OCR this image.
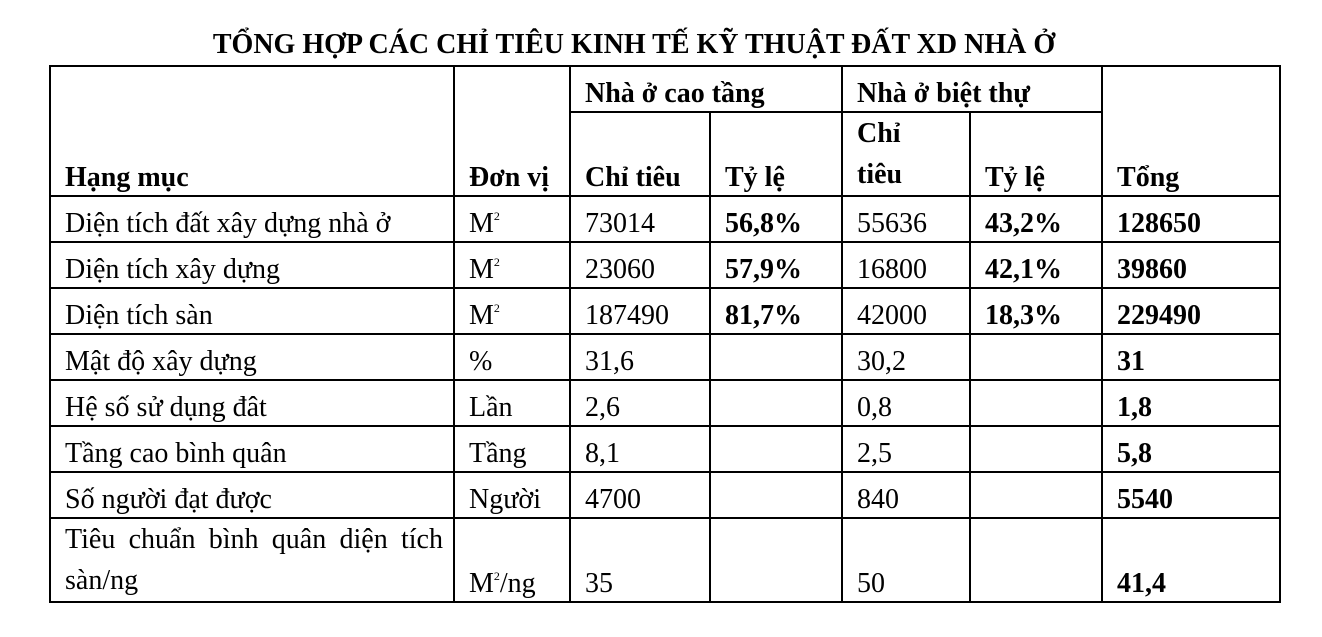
TỔNG HỢP CÁC CHỈ TIÊU KINH TẾ KỸ THUẬT ĐẤT XD NHÀ Ở
Hạng mục	Đơn vị	Nhà ở cao tầng		Nhà ở biệt thự		Tổng
		Chỉ tiêu	Tỷ lệ	Chỉ tiêu	Tỷ lệ	
Diện tích đất xây dựng nhà ở	$M^2$	73014	56,8%	55636	43,2%	128650
Diện tích xây dựng	$M^2$	23060	57,9%	16800	42,1%	39860
Diện tích sàn	$M^2$	187490	81,7%	42000	18,3%	229490
Mật độ xây dựng	%	31,6		30,2		31
Hệ số sử dụng đât	Lần	2,6		0,8		1,8
Tầng cao bình quân	Tầng	8,1		2,5		5,8
Số người đạt được	Người	4700		840		5540
Tiêu chuẩn bình quân diện tích sàn/ng	$M^2/ng$	35		50		41,4
